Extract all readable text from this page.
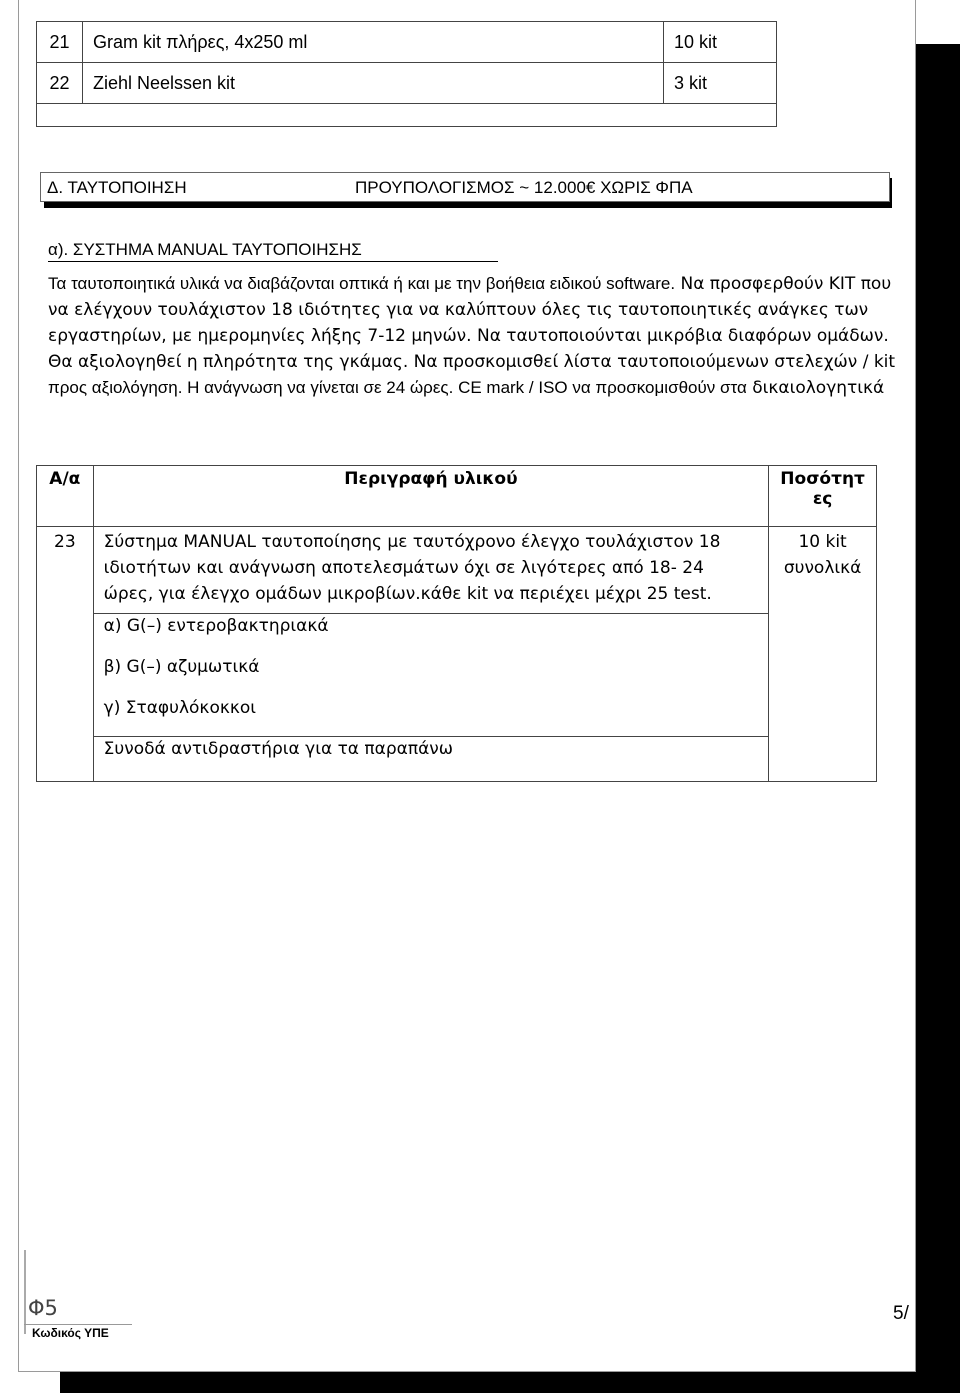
21	Gram kit πλήρες, 4x250 ml	10 kit
22	Ziehl Neelssen kit	3 kit

Δ. ΤΑΥΤΟΠΟΙΗΣΗ	ΠΡΟΥΠΟΛΟΓΙΣΜΟΣ ~ 12.000€ ΧΩΡΙΣ ΦΠΑ
α). ΣΥΣΤΗΜΑ MANUAL ΤΑΥΤΟΠΟΙΗΣΗΣ

Τα ταυτοποιητικά υλικά να διαβάζονται οπτικά ή και με την βοήθεια ειδικού software. Να προσφερθούν KIT που να ελέγχουν τουλάχιστον 18 ιδιότητες για να καλύπτουν όλες τις ταυτοποιητικές ανάγκες των εργαστηρίων, με ημερομηνίες λήξης 7-12 μηνών. Να ταυτοποιούνται μικρόβια διαφόρων ομάδων. Θα αξιολογηθεί η πληρότητα της γκάμας. Να προσκομισθεί λίστα ταυτοποιούμενων στελεχών / kit προς αξιολόγηση. Η ανάγνωση να γίνεται σε 24 ώρες. CE mark / ISO να προσκομισθούν στα δικαιολογητικά

Α/α	Περιγραφή υλικού	Ποσότητ ες
23	Σύστημα MANUAL ταυτοποίησης με ταυτόχρονο έλεγχο τουλάχιστον 18 ιδιοτήτων και ανάγνωση αποτελεσμάτων όχι σε λιγότερες από 18- 24 ώρες, για έλεγχο ομάδων μικροβίων.κάθε kit να περιέχει μέχρι 25 test.	10 kit συνολικά
	α) G(–) εντεροβακτηριακά	
	β) G(–) αζυμωτικά	
	γ) Σταφυλόκοκκοι	
	Συνοδά αντιδραστήρια για τα παραπάνω	

Φ5
Κωδικός ΥΠΕ
5/
